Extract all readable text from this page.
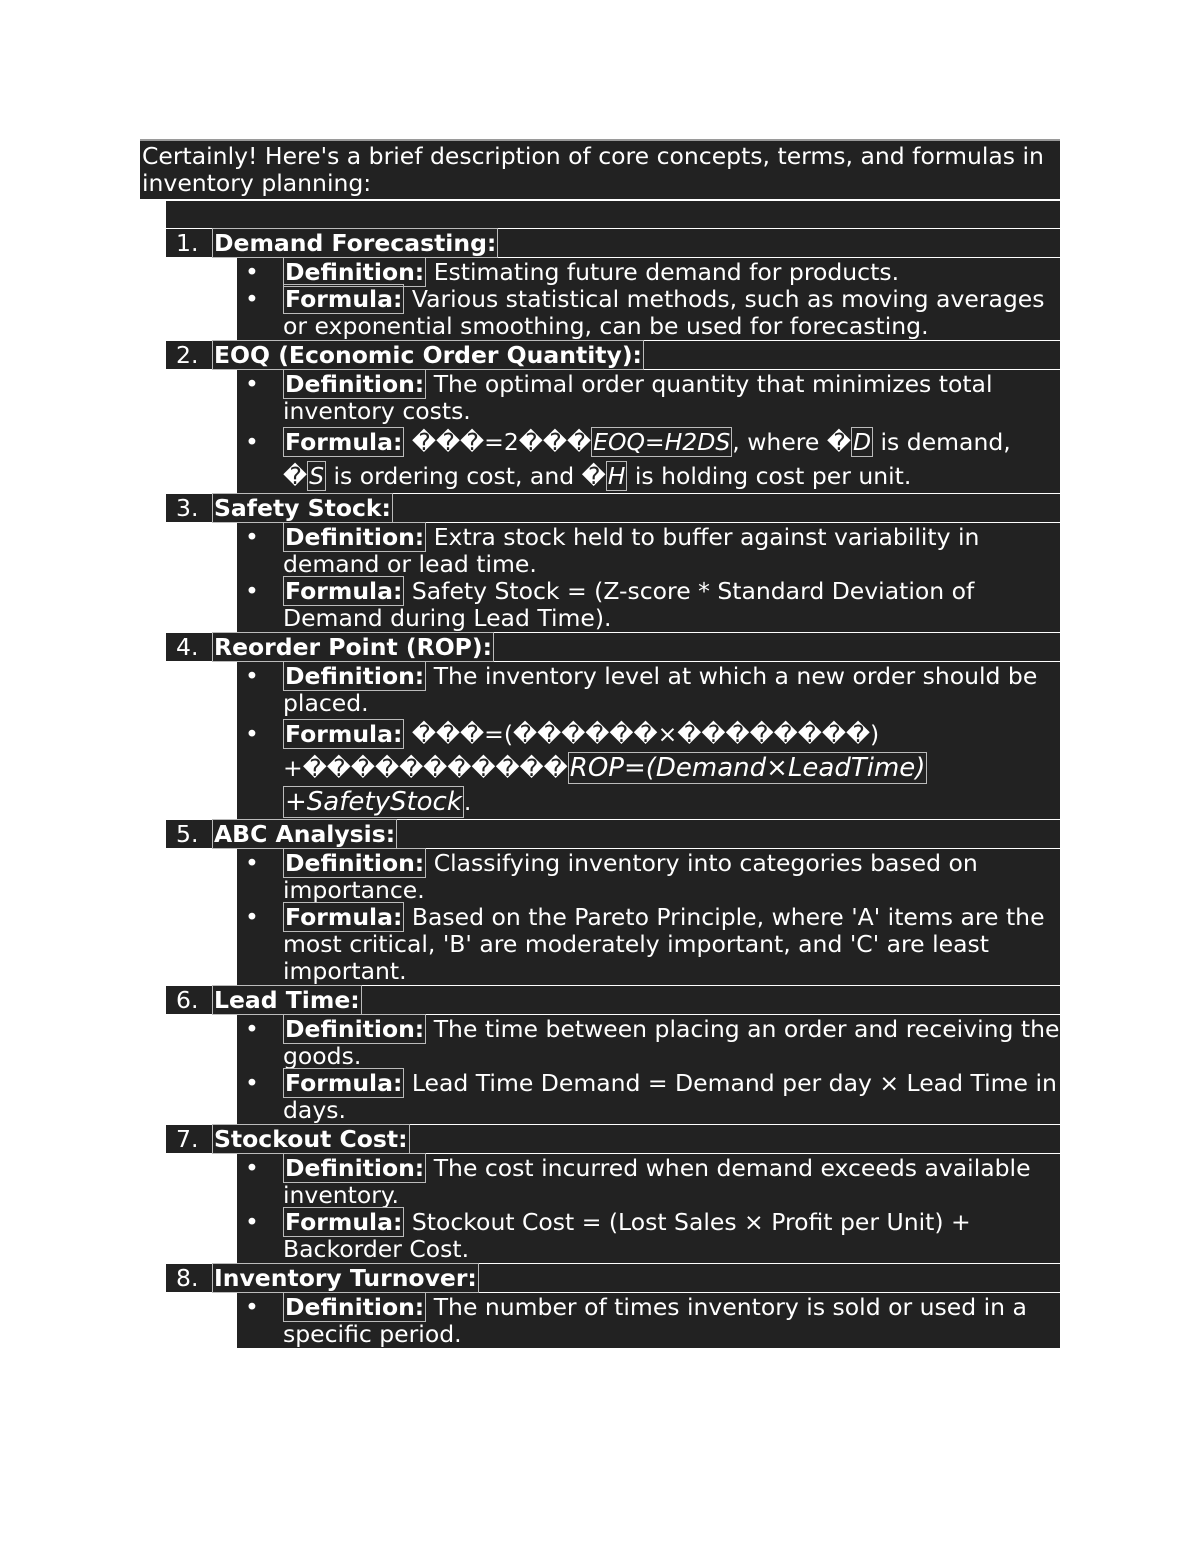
Certainly! Here's a brief description of core concepts, terms, and formulas in inventory planning:
1. Demand Forecasting:
• Definition: Estimating future demand for products.
• Formula: Various statistical methods, such as moving averages or exponential smoothing, can be used for forecasting.
2. EOQ (Economic Order Quantity):
• Definition: The optimal order quantity that minimizes total inventory costs.
• Formula: ���=2���EOQ=H2DS, where �D is demand, �S is ordering cost, and �H is holding cost per unit.
3. Safety Stock:
• Definition: Extra stock held to buffer against variability in demand or lead time.
• Formula: Safety Stock = (Z-score * Standard Deviation of Demand during Lead Time).
4. Reorder Point (ROP):
• Definition: The inventory level at which a new order should be placed.
• Formula: ���=(������×��������) +�����������ROP=(Demand×LeadTime) +SafetyStock.
5. ABC Analysis:
• Definition: Classifying inventory into categories based on importance.
• Formula: Based on the Pareto Principle, where 'A' items are the most critical, 'B' are moderately important, and 'C' are least important.
6. Lead Time:
• Definition: The time between placing an order and receiving the goods.
• Formula: Lead Time Demand = Demand per day × Lead Time in days.
7. Stockout Cost:
• Definition: The cost incurred when demand exceeds available inventory.
• Formula: Stockout Cost = (Lost Sales × Profit per Unit) + Backorder Cost.
8. Inventory Turnover:
• Definition: The number of times inventory is sold or used in a specific period.
